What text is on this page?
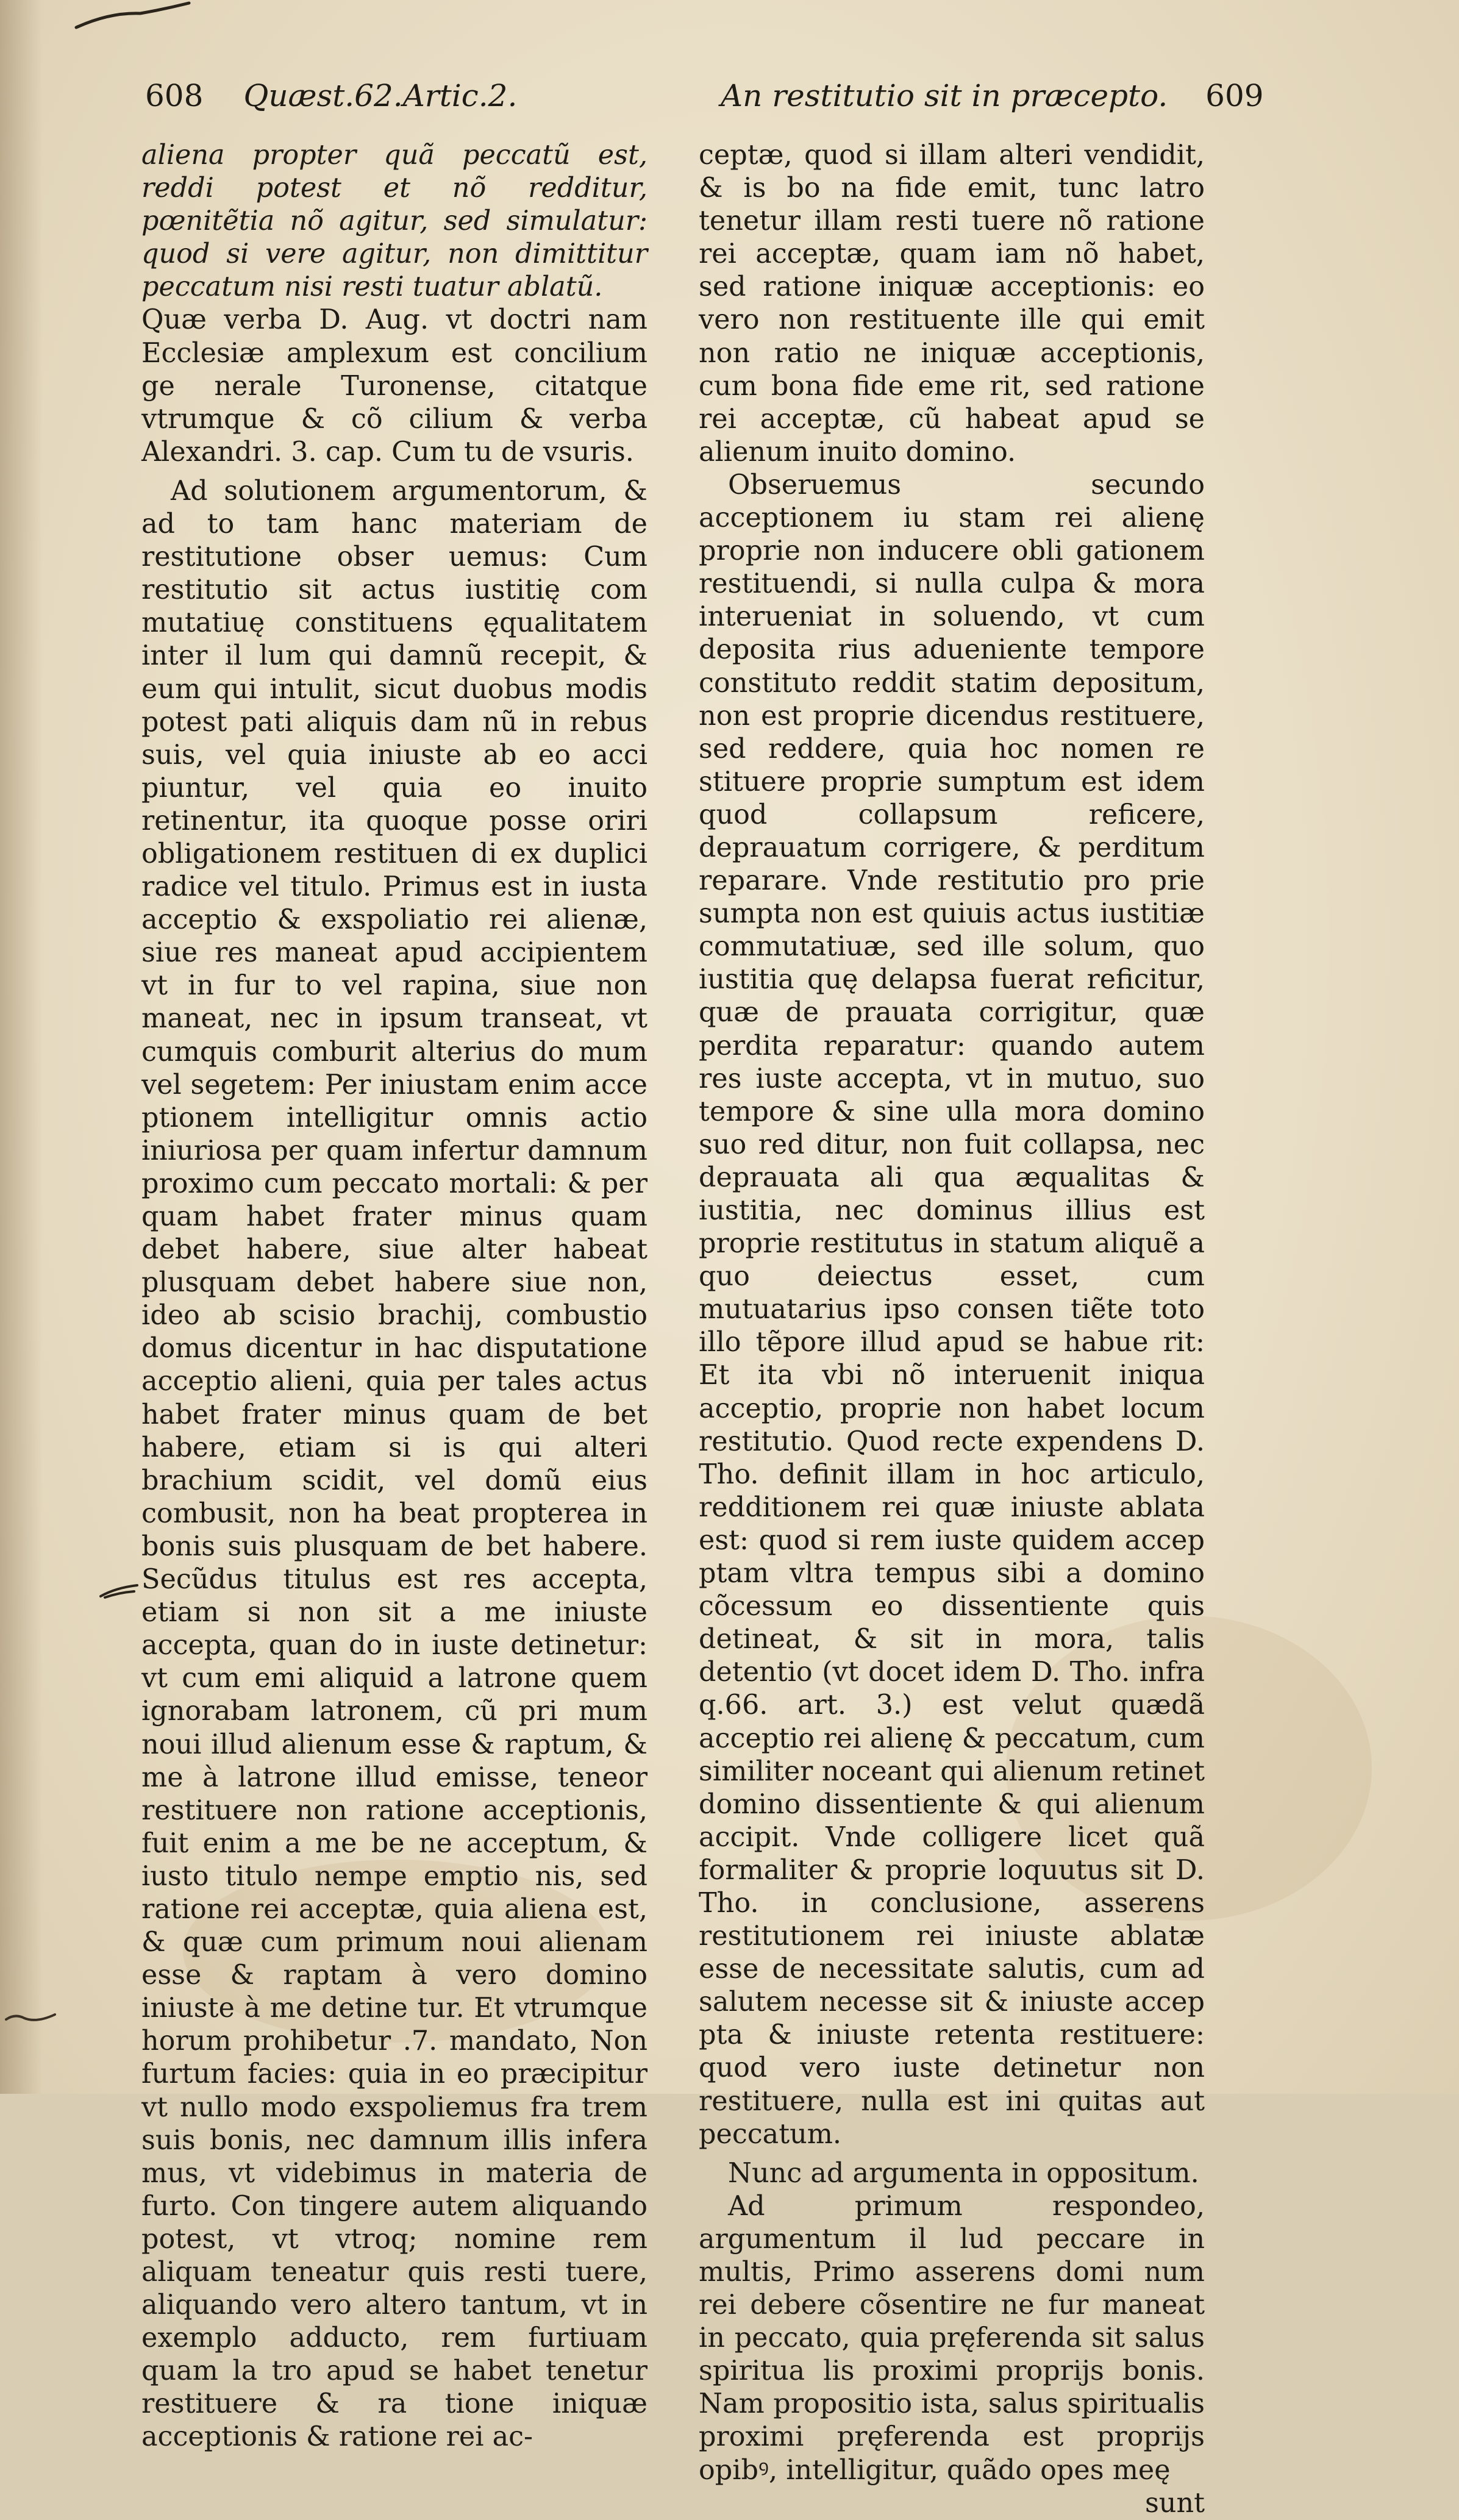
608 Quæst.62.Artic.2.	An restitutio sit in præcepto. 609

aliena propter quã peccatũ est, reddi potest et nõ redditur, pœnitẽtia nõ agitur, sed simulatur: quod si vere agitur, non dimittitur peccatum nisi resti tuatur ablatũ.

Quæ verba D. Aug. vt doctri nam Ecclesiæ amplexum est concilium ge nerale Turonense, citatque vtrumque & cõ cilium & verba Alexandri. 3. cap. Cum tu de vsuris.

Ad solutionem argumentorum, & ad to tam hanc materiam de restitutione obser uemus: Cum restitutio sit actus iustitię com mutatiuę constituens ęqualitatem inter il lum qui damnũ recepit, & eum qui intulit, sicut duobus modis potest pati aliquis dam nũ in rebus suis, vel quia iniuste ab eo acci piuntur, vel quia eo inuito retinentur, ita quoque posse oriri obligationem restituen di ex duplici radice vel titulo. Primus est in iusta acceptio & exspoliatio rei alienæ, siue res maneat apud accipientem vt in fur to vel rapina, siue non maneat, nec in ipsum transeat, vt cumquis comburit alterius do mum vel segetem: Per iniustam enim acce ptionem intelligitur omnis actio iniuriosa per quam infertur damnum proximo cum peccato mortali: & per quam habet frater minus quam debet habere, siue alter habeat plusquam debet habere siue non, ideo ab scisio brachij, combustio domus dicentur in hac disputatione acceptio alieni, quia per tales actus habet frater minus quam de bet habere, etiam si is qui alteri brachium scidit, vel domũ eius combusit, non ha beat propterea in bonis suis plusquam de bet habere. Secũdus titulus est res accepta, etiam si non sit a me iniuste accepta, quan do in iuste detinetur: vt cum emi aliquid a latrone quem ignorabam latronem, cũ pri mum noui illud alienum esse & raptum, & me à latrone illud emisse, teneor restituere non ratione acceptionis, fuit enim a me be ne acceptum, & iusto titulo nempe emptio nis, sed ratione rei acceptæ, quia aliena est, & quæ cum primum noui alienam esse & raptam à vero domino iniuste à me detine tur. Et vtrumque horum prohibetur .7. mandato, Non furtum facies: quia in eo præcipitur vt nullo modo exspoliemus fra trem suis bonis, nec damnum illis infera mus, vt videbimus in materia de furto. Con tingere autem aliquando potest, vt vtroq; nomine rem aliquam teneatur quis resti tuere, aliquando vero altero tantum, vt in exemplo adducto, rem furtiuam quam la tro apud se habet tenetur restituere & ra tione iniquæ acceptionis & ratione rei ac-

ceptæ, quod si illam alteri vendidit, & is bo na fide emit, tunc latro tenetur illam resti tuere nõ ratione rei acceptæ, quam iam nõ habet, sed ratione iniquæ acceptionis: eo vero non restituente ille qui emit non ratio ne iniquæ acceptionis, cum bona fide eme rit, sed ratione rei acceptæ, cũ habeat apud se alienum inuito domino.

Obseruemus secundo acceptionem iu stam rei alienę proprie non inducere obli gationem restituendi, si nulla culpa & mora interueniat in soluendo, vt cum deposita rius adueniente tempore constituto reddit statim depositum, non est proprie dicendus restituere, sed reddere, quia hoc nomen re stituere proprie sumptum est idem quod collapsum reficere, deprauatum corrigere, & perditum reparare. Vnde restitutio pro prie sumpta non est quiuis actus iustitiæ commutatiuæ, sed ille solum, quo iustitia quę delapsa fuerat reficitur, quæ de prauata corrigitur, quæ perdita reparatur: quando autem res iuste accepta, vt in mutuo, suo tempore & sine ulla mora domino suo red ditur, non fuit collapsa, nec deprauata ali qua æqualitas & iustitia, nec dominus illius est proprie restitutus in statum aliquẽ a quo deiectus esset, cum mutuatarius ipso consen tiẽte toto illo tẽpore illud apud se habue rit: Et ita vbi nõ interuenit iniqua acceptio, proprie non habet locum restitutio. Quod recte expendens D. Tho. definit illam in hoc articulo, redditionem rei quæ iniuste ablata est: quod si rem iuste quidem accep ptam vltra tempus sibi a domino cõcessum eo dissentiente quis detineat, & sit in mora, talis detentio (vt docet idem D. Tho. infra q.66. art. 3.) est velut quædã acceptio rei alienę & peccatum, cum similiter noceant qui alienum retinet domino dissentiente & qui alienum accipit. Vnde colligere licet quã formaliter & proprie loquutus sit D. Tho. in conclusione, asserens restitutionem rei iniuste ablatæ esse de necessitate salutis, cum ad salutem necesse sit & iniuste accep pta & iniuste retenta restituere: quod vero iuste detinetur non restituere, nulla est ini quitas aut peccatum.

Nunc ad argumenta in oppositum.

Ad primum respondeo, argumentum il lud peccare in multis, Primo asserens domi num rei debere cõsentire ne fur maneat in peccato, quia pręferenda sit salus spiritua lis proximi proprijs bonis. Nam propositio ista, salus spiritualis proximi pręferenda est proprijs opibꝰ, intelligitur, quãdo opes meę

sunt
